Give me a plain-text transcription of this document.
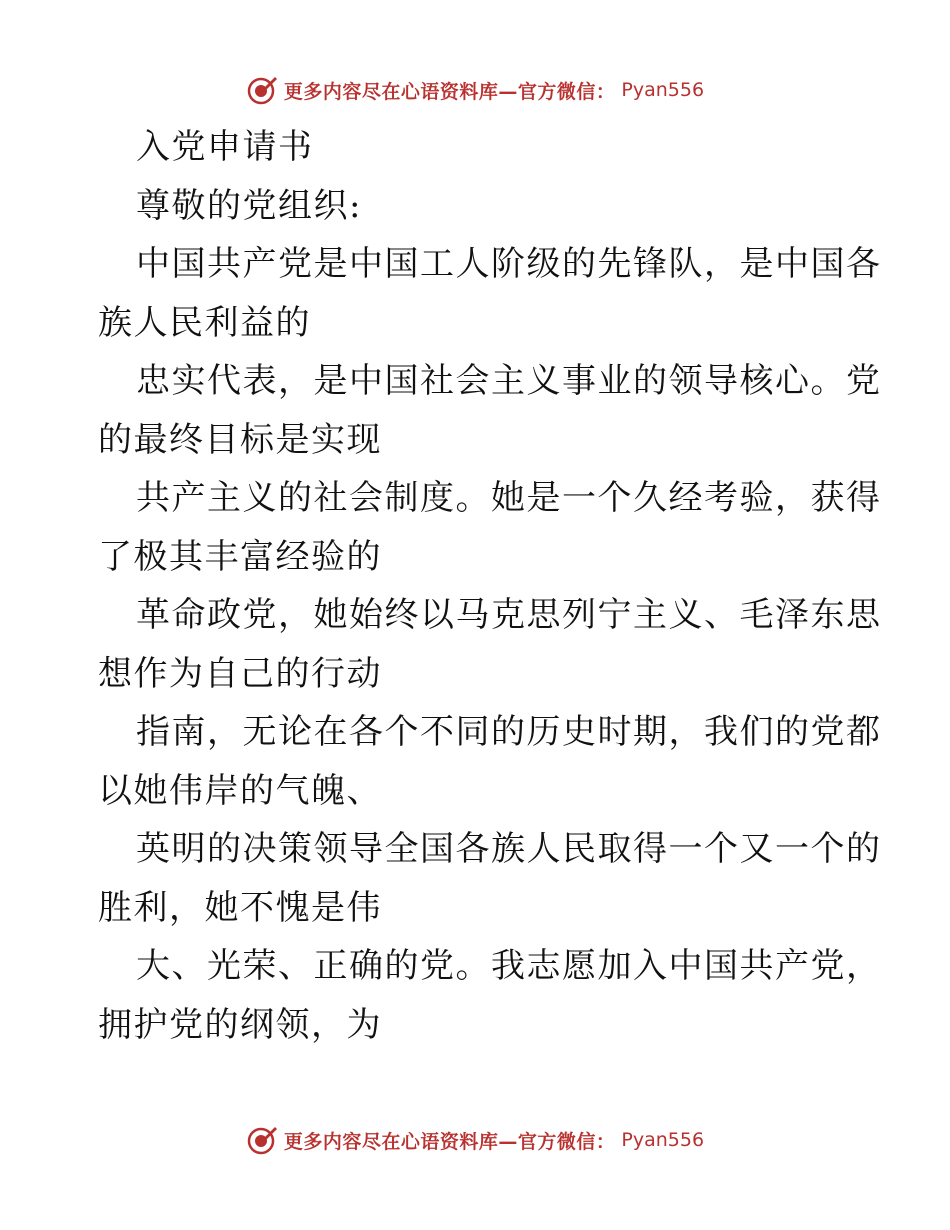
更多内容尽在心语资料库—官方微信： Pyan556
入党申请书
尊敬的党组织:
中国共产党是中国工人阶级的先锋队，是中国各
族人民利益的
忠实代表，是中国社会主义事业的领导核心。党
的最终目标是实现
共产主义的社会制度。她是一个久经考验，获得
了极其丰富经验的
革命政党，她始终以马克思列宁主义、毛泽东思
想作为自己的行动
指南，无论在各个不同的历史时期，我们的党都
以她伟岸的气魄、
英明的决策领导全国各族人民取得一个又一个的
胜利，她不愧是伟
大、光荣、正确的党。我志愿加入中国共产党，
拥护党的纲领，为
更多内容尽在心语资料库—官方微信： Pyan556
